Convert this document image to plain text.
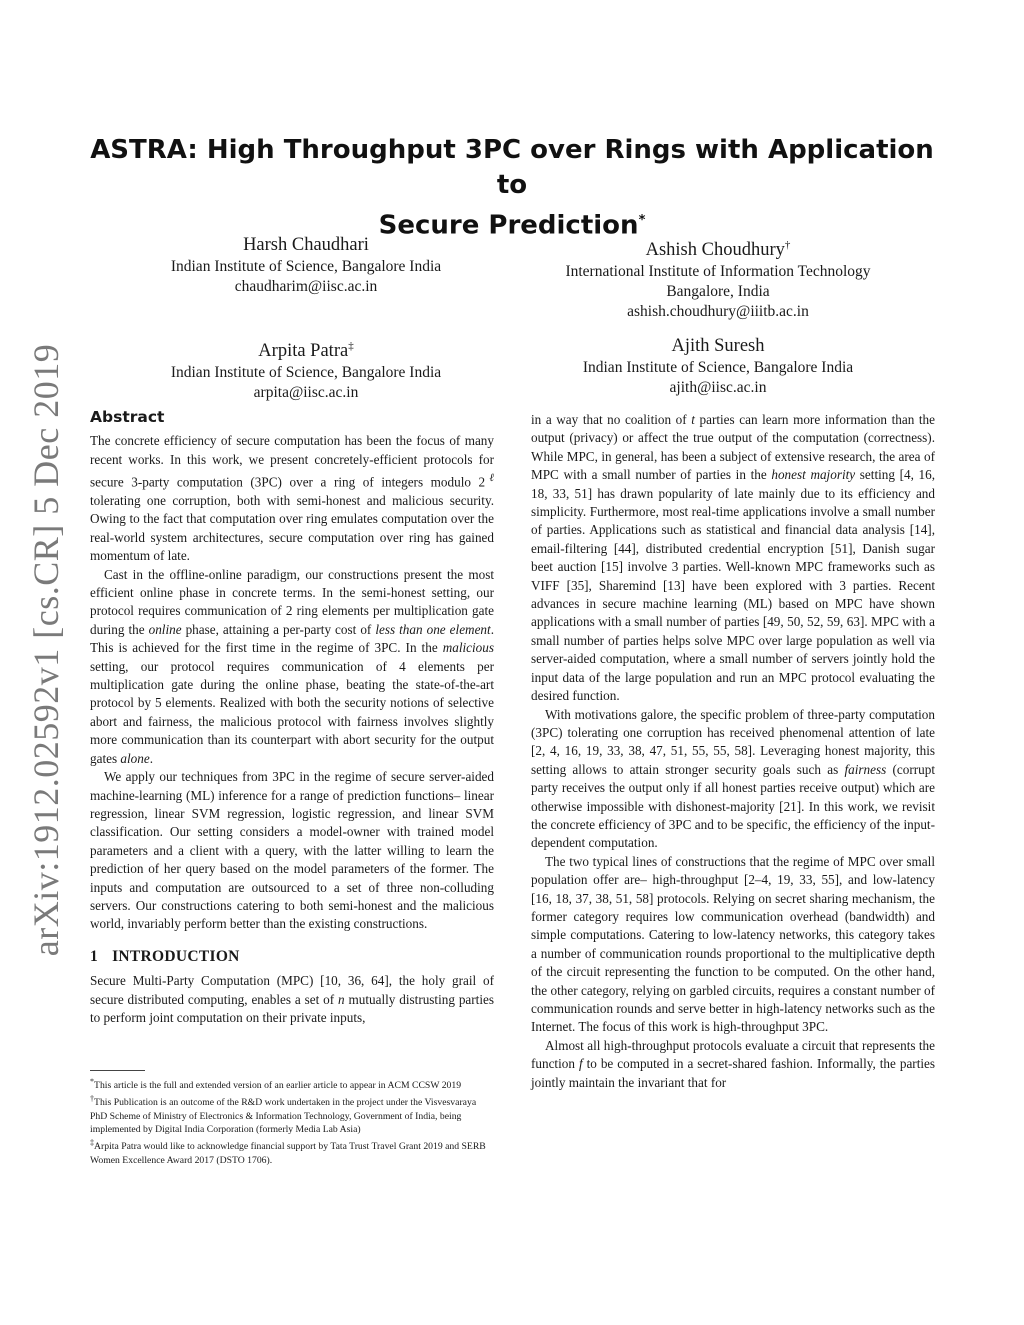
ASTRA: High Throughput 3PC over Rings with Application to
Secure Prediction*
arXiv:1912.02592v1 [cs.CR] 5 Dec 2019
Harsh Chaudhari
Indian Institute of Science, Bangalore India
chaudharim@iisc.ac.in
Ashish Choudhury†
International Institute of Information Technology
Bangalore, India
ashish.choudhury@iiitb.ac.in
Arpita Patra‡
Indian Institute of Science, Bangalore India
arpita@iisc.ac.in
Ajith Suresh
Indian Institute of Science, Bangalore India
ajith@iisc.ac.in
Abstract

The concrete efficiency of secure computation has been the focus of many recent works. In this work, we present concretely-efficient protocols for secure 3-party computation (3PC) over a ring of integers modulo $2^\ell$ tolerating one corruption, both with semi-honest and malicious security. Owing to the fact that computation over ring emulates computation over the real-world system architectures, secure computation over ring has gained momentum of late.

Cast in the offline-online paradigm, our constructions present the most efficient online phase in concrete terms. In the semi-honest setting, our protocol requires communication of 2 ring elements per multiplication gate during the online phase, attaining a per-party cost of less than one element. This is achieved for the first time in the regime of 3PC. In the malicious setting, our protocol requires communication of 4 elements per multiplication gate during the online phase, beating the state-of-the-art protocol by 5 elements. Realized with both the security notions of selective abort and fairness, the malicious protocol with fairness involves slightly more communication than its counterpart with abort security for the output gates alone.

We apply our techniques from 3PC in the regime of secure server-aided machine-learning (ML) inference for a range of prediction functions– linear regression, linear SVM regression, logistic regression, and linear SVM classification. Our setting considers a model-owner with trained model parameters and a client with a query, with the latter willing to learn the prediction of her query based on the model parameters of the former. The inputs and computation are outsourced to a set of three non-colluding servers. Our constructions catering to both semi-honest and the malicious world, invariably perform better than the existing constructions.

1 INTRODUCTION

Secure Multi-Party Computation (MPC) [10, 36, 64], the holy grail of secure distributed computing, enables a set of n mutually distrusting parties to perform joint computation on their private inputs,

*This article is the full and extended version of an earlier article to appear in ACM CCSW 2019

†This Publication is an outcome of the R&D work undertaken in the project under the Visvesvaraya PhD Scheme of Ministry of Electronics & Information Technology, Government of India, being implemented by Digital India Corporation (formerly Media Lab Asia)

‡Arpita Patra would like to acknowledge financial support by Tata Trust Travel Grant 2019 and SERB Women Excellence Award 2017 (DSTO 1706).

in a way that no coalition of t parties can learn more information than the output (privacy) or affect the true output of the computation (correctness). While MPC, in general, has been a subject of extensive research, the area of MPC with a small number of parties in the honest majority setting [4, 16, 18, 33, 51] has drawn popularity of late mainly due to its efficiency and simplicity. Furthermore, most real-time applications involve a small number of parties. Applications such as statistical and financial data analysis [14], email-filtering [44], distributed credential encryption [51], Danish sugar beet auction [15] involve 3 parties. Well-known MPC frameworks such as VIFF [35], Sharemind [13] have been explored with 3 parties. Recent advances in secure machine learning (ML) based on MPC have shown applications with a small number of parties [49, 50, 52, 59, 63]. MPC with a small number of parties helps solve MPC over large population as well via server-aided computation, where a small number of servers jointly hold the input data of the large population and run an MPC protocol evaluating the desired function.

With motivations galore, the specific problem of three-party computation (3PC) tolerating one corruption has received phenomenal attention of late [2, 4, 16, 19, 33, 38, 47, 51, 55, 55, 58]. Leveraging honest majority, this setting allows to attain stronger security goals such as fairness (corrupt party receives the output only if all honest parties receive output) which are otherwise impossible with dishonest-majority [21]. In this work, we revisit the concrete efficiency of 3PC and to be specific, the efficiency of the input-dependent computation.

The two typical lines of constructions that the regime of MPC over small population offer are– high-throughput [2–4, 19, 33, 55], and low-latency [16, 18, 37, 38, 51, 58] protocols. Relying on secret sharing mechanism, the former category requires low communication overhead (bandwidth) and simple computations. Catering to low-latency networks, this category takes a number of communication rounds proportional to the multiplicative depth of the circuit representing the function to be computed. On the other hand, the other category, relying on garbled circuits, requires a constant number of communication rounds and serve better in high-latency networks such as the Internet. The focus of this work is high-throughput 3PC.

Almost all high-throughput protocols evaluate a circuit that represents the function f to be computed in a secret-shared fashion. Informally, the parties jointly maintain the invariant that for
